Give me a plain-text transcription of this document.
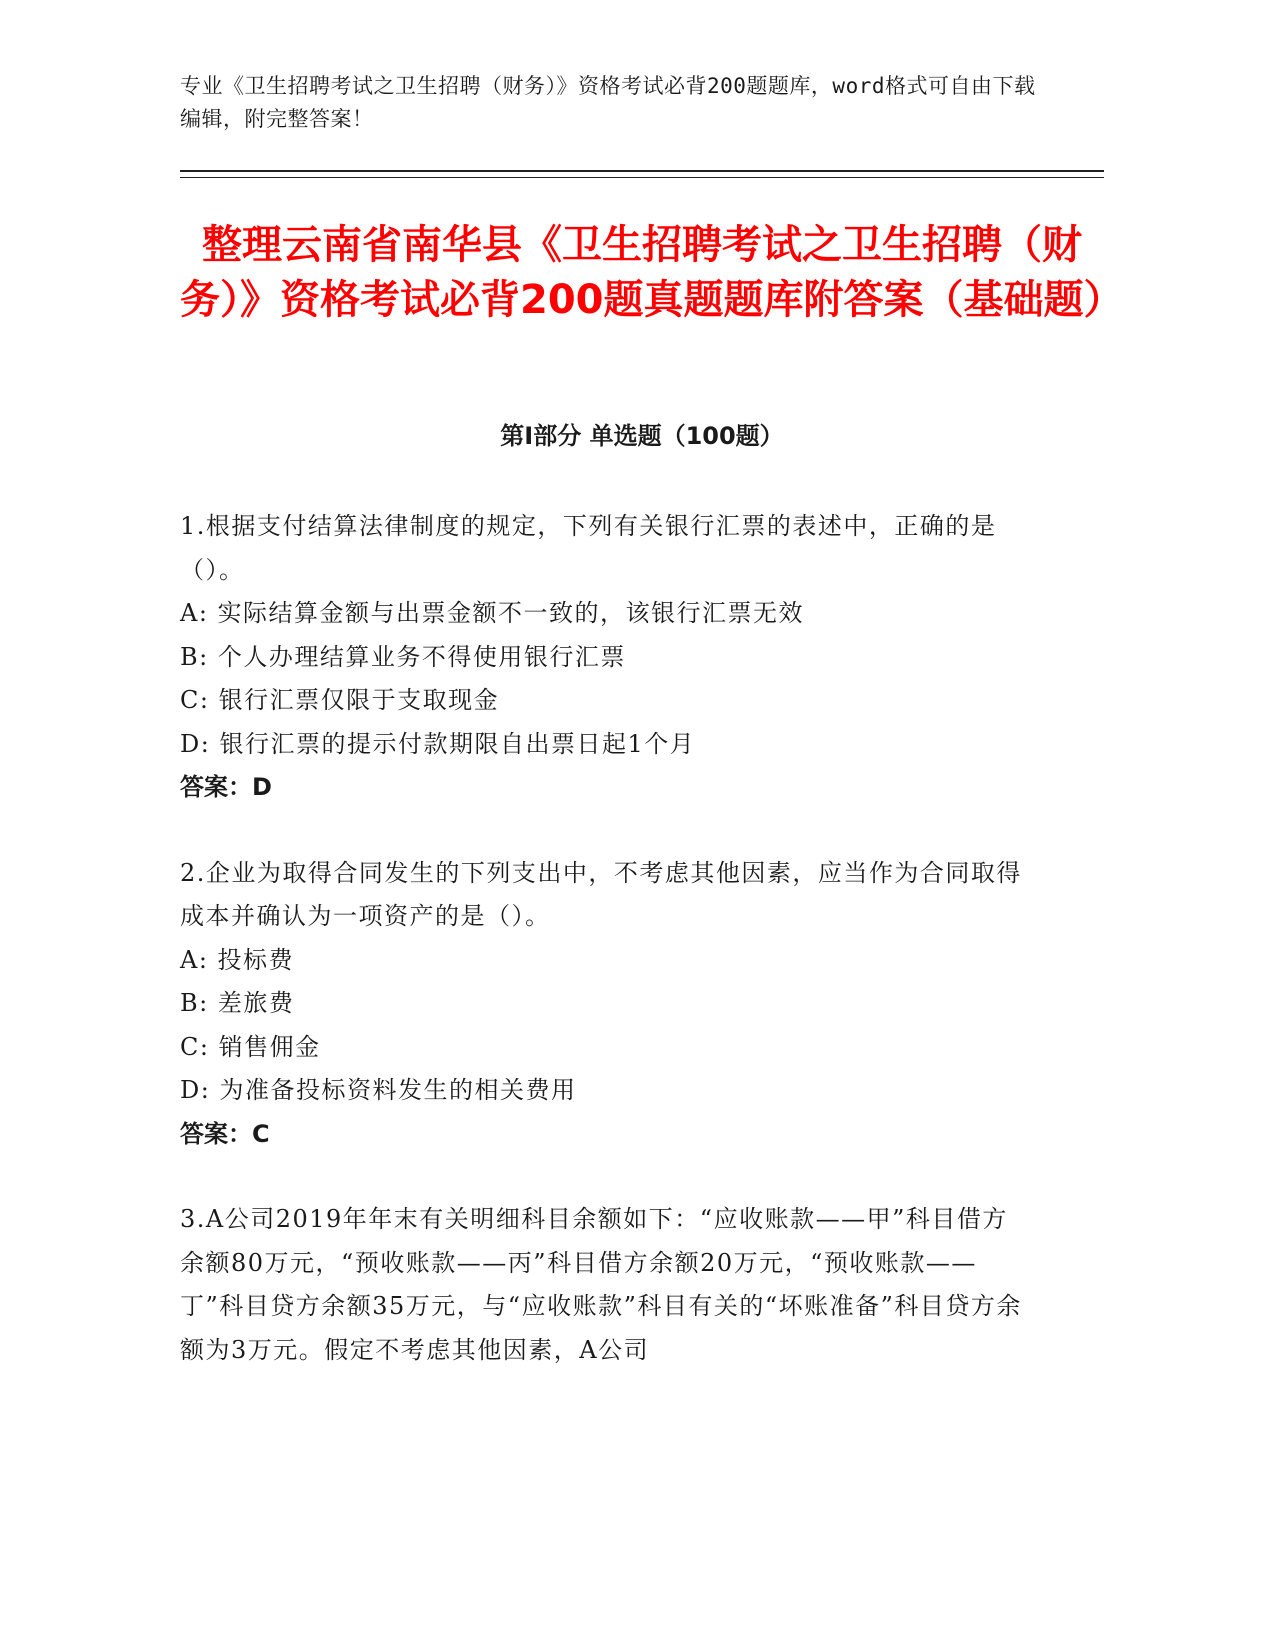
专业《卫生招聘考试之卫生招聘（财务）》资格考试必背200题题库，word格式可自由下载编辑，附完整答案！
整理云南省南华县《卫生招聘考试之卫生招聘（财务）》资格考试必背200题真题题库附答案（基础题）
第I部分 单选题（100题）

1.根据支付结算法律制度的规定，下列有关银行汇票的表述中，正确的是（）。

A: 实际结算金额与出票金额不一致的，该银行汇票无效

B: 个人办理结算业务不得使用银行汇票

C: 银行汇票仅限于支取现金

D: 银行汇票的提示付款期限自出票日起1个月

答案：D

2.企业为取得合同发生的下列支出中，不考虑其他因素，应当作为合同取得成本并确认为一项资产的是（）。

A: 投标费

B: 差旅费

C: 销售佣金

D: 为准备投标资料发生的相关费用

答案：C

3.A公司2019年年末有关明细科目余额如下：“应收账款——甲”科目借方余额80万元，“预收账款——丙”科目借方余额20万元，“预收账款——丁”科目贷方余额35万元，与“应收账款”科目有关的“坏账准备”科目贷方余额为3万元。假定不考虑其他因素，A公司
